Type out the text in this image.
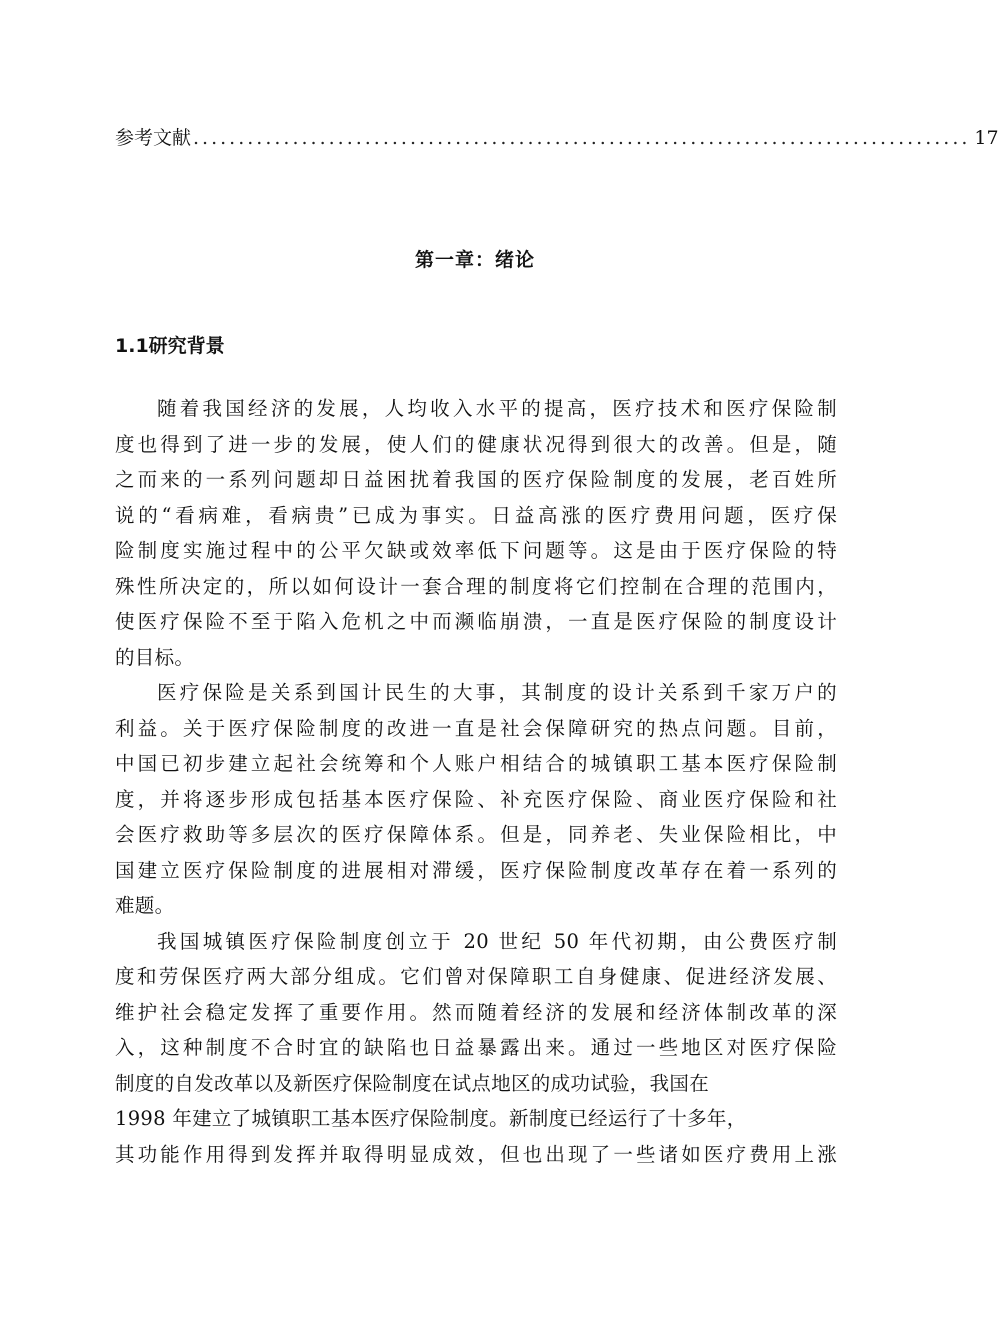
参考文献 ...................................................................................... 17
第一章：绪论
1.1研究背景
随着我国经济的发展，人均收入水平的提高，医疗技术和医疗保险制
度也得到了进一步的发展，使人们的健康状况得到很大的改善。但是，随
之而来的一系列问题却日益困扰着我国的医疗保险制度的发展，老百姓所
说的“看病难，看病贵”已成为事实。日益高涨的医疗费用问题，医疗保
险制度实施过程中的公平欠缺或效率低下问题等。这是由于医疗保险的特
殊性所决定的，所以如何设计一套合理的制度将它们控制在合理的范围内，
使医疗保险不至于陷入危机之中而濒临崩溃，一直是医疗保险的制度设计
的目标。
医疗保险是关系到国计民生的大事，其制度的设计关系到千家万户的
利益。关于医疗保险制度的改进一直是社会保障研究的热点问题。目前，
中国已初步建立起社会统筹和个人账户相结合的城镇职工基本医疗保险制
度，并将逐步形成包括基本医疗保险、补充医疗保险、商业医疗保险和社
会医疗救助等多层次的医疗保障体系。但是，同养老、失业保险相比，中
国建立医疗保险制度的进展相对滞缓，医疗保险制度改革存在着一系列的
难题。
我国城镇医疗保险制度创立于 20 世纪 50 年代初期，由公费医疗制
度和劳保医疗两大部分组成。它们曾对保障职工自身健康、促进经济发展、
维护社会稳定发挥了重要作用。然而随着经济的发展和经济体制改革的深
入，这种制度不合时宜的缺陷也日益暴露出来。通过一些地区对医疗保险
制度的自发改革以及新医疗保险制度在试点地区的成功试验，我国在
1998 年建立了城镇职工基本医疗保险制度。新制度已经运行了十多年，
其功能作用得到发挥并取得明显成效，但也出现了一些诸如医疗费用上涨
